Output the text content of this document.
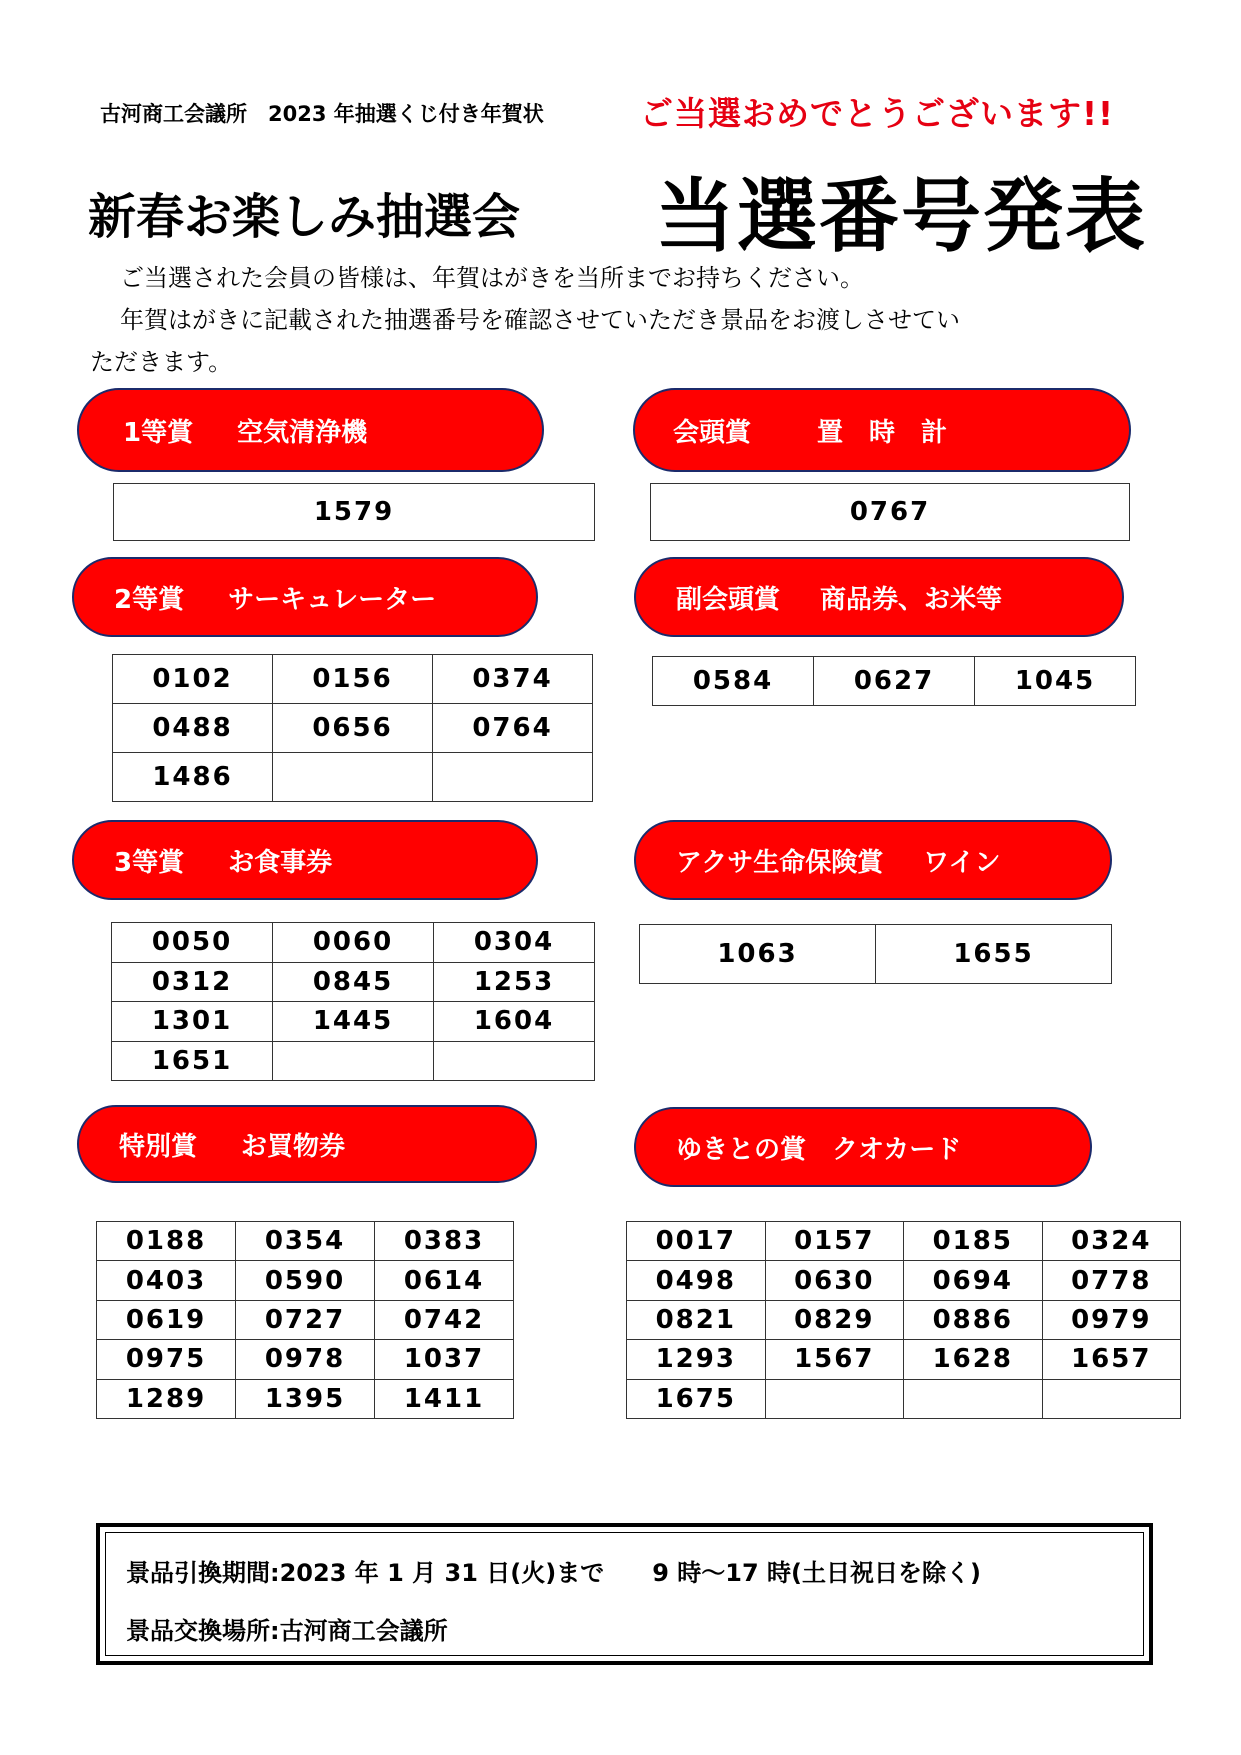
古河商工会議所　2023 年抽選くじ付き年賀状	ご当選おめでとうございます!!
新春お楽しみ抽選会 当選番号発表
ご当選された会員の皆様は、年賀はがきを当所までお持ちください。
年賀はがきに記載された抽選番号を確認させていただき景品をお渡しさせてい
ただきます。
1等賞 空気清浄機
1579
会頭賞	置　時　計
0767
2等賞 サーキュレーター
0102	0156	0374
0488	0656	0764
1486		
副会頭賞 商品券、お米等
0584	0627	1045
3等賞 お食事券
0050	0060	0304
0312	0845	1253
1301	1445	1604
1651		
アクサ生命保険賞 ワイン
1063	1655
特別賞 お買物券
0188	0354	0383
0403	0590	0614
0619	0727	0742
0975	0978	1037
1289	1395	1411
ゆきとの賞 クオカード
0017	0157	0185	0324
0498	0630	0694	0778
0821	0829	0886	0979
1293	1567	1628	1657
1675			
景品引換期間:2023 年 1 月 31 日(火)まで　　9 時～17 時(土日祝日を除く)
景品交換場所:古河商工会議所
